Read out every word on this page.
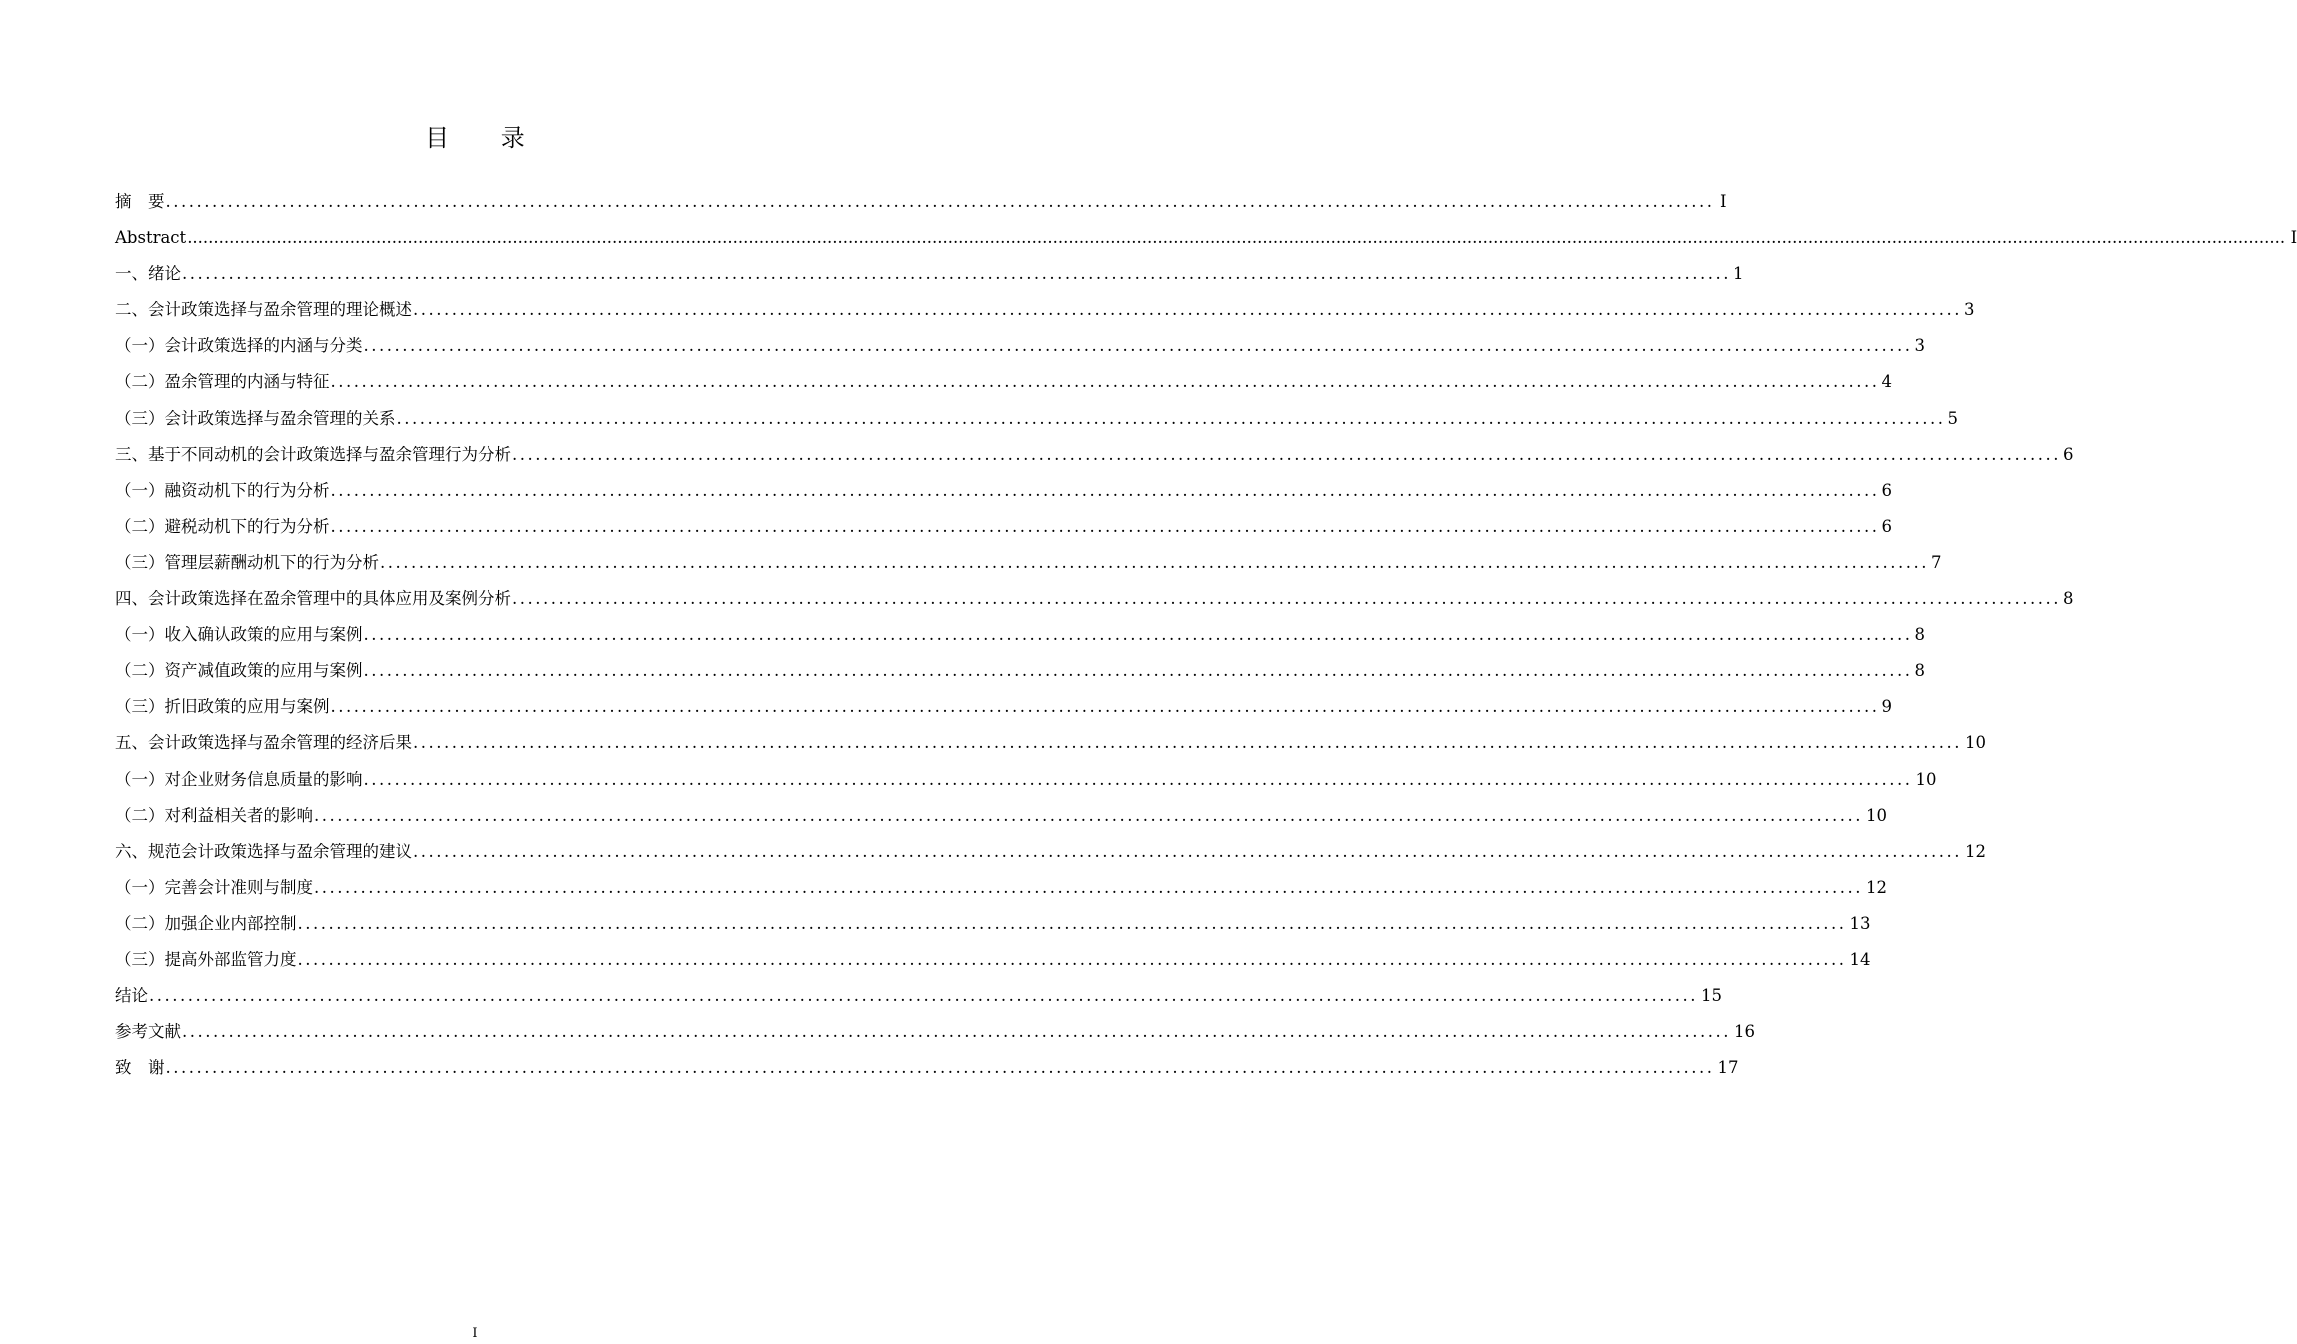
目 录
摘　要 ........................................................................................................................................................................................................ I
Abstract ................................................................................................................................................................................................................................................................................................................................................................................................................ I
一、绪论 ........................................................................................................................................................................................................ 1
二、会计政策选择与盈余管理的理论概述 ........................................................................................................................................................................................................ 3
（一）会计政策选择的内涵与分类 ........................................................................................................................................................................................................ 3
（二）盈余管理的内涵与特征 ........................................................................................................................................................................................................ 4
（三）会计政策选择与盈余管理的关系 ........................................................................................................................................................................................................ 5
三、基于不同动机的会计政策选择与盈余管理行为分析 ........................................................................................................................................................................................................ 6
（一）融资动机下的行为分析 ........................................................................................................................................................................................................ 6
（二）避税动机下的行为分析 ........................................................................................................................................................................................................ 6
（三）管理层薪酬动机下的行为分析 ........................................................................................................................................................................................................ 7
四、会计政策选择在盈余管理中的具体应用及案例分析 ........................................................................................................................................................................................................ 8
（一）收入确认政策的应用与案例 ........................................................................................................................................................................................................ 8
（二）资产减值政策的应用与案例 ........................................................................................................................................................................................................ 8
（三）折旧政策的应用与案例 ........................................................................................................................................................................................................ 9
五、会计政策选择与盈余管理的经济后果 ........................................................................................................................................................................................................ 10
（一）对企业财务信息质量的影响 ........................................................................................................................................................................................................ 10
（二）对利益相关者的影响 ........................................................................................................................................................................................................ 10
六、规范会计政策选择与盈余管理的建议 ........................................................................................................................................................................................................ 12
（一）完善会计准则与制度 ........................................................................................................................................................................................................ 12
（二）加强企业内部控制 ........................................................................................................................................................................................................ 13
（三）提高外部监管力度 ........................................................................................................................................................................................................ 14
结论 ........................................................................................................................................................................................................ 15
参考文献 ........................................................................................................................................................................................................ 16
致　谢 ........................................................................................................................................................................................................ 17
I
